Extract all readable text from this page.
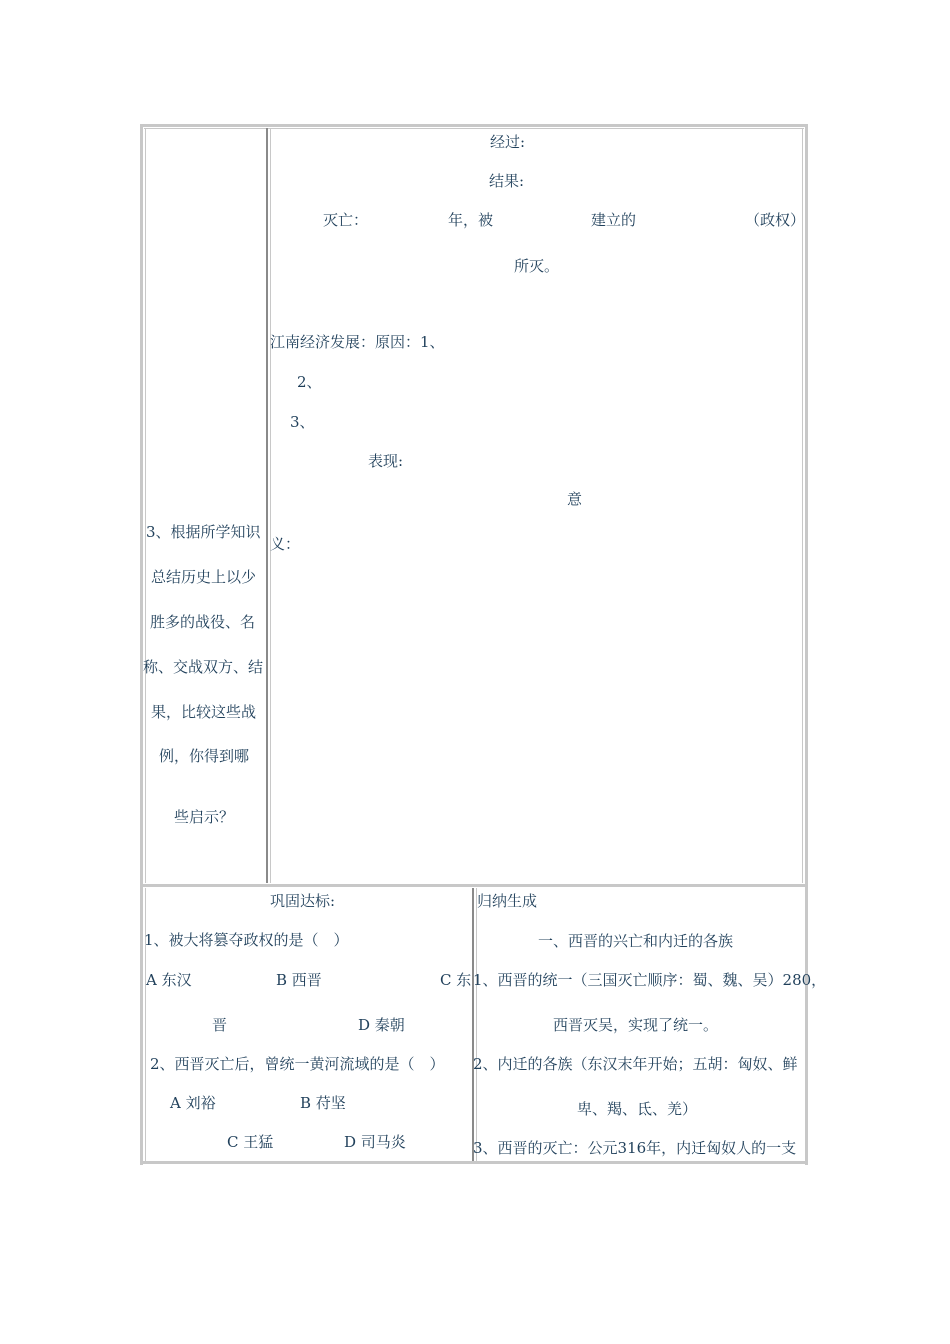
3、根据所学知识
总结历史上以少
胜多的战役、名
称、交战双方、结
果，比较这些战
例，你得到哪
些启示？
经过:
结果:
灭亡：	年，被	建立的	（政权）
所灭。
江南经济发展：原因：1、
2、
3、
表现:
意
义：
巩固达标:
1、被大将篡夺政权的是（　）
A 东汉	B 西晋	C 东
晋	D 秦朝
2、西晋灭亡后，曾统一黄河流域的是（　）
A 刘裕	B 苻坚
C 王猛	D 司马炎
归纳生成
一、西晋的兴亡和内迁的各族
1、西晋的统一（三国灭亡顺序：蜀、魏、吴）280，
西晋灭吴，实现了统一。
2、内迁的各族（东汉末年开始；五胡：匈奴、鲜
卑、羯、氐、羌）
3、西晋的灭亡：公元316年，内迁匈奴人的一支
